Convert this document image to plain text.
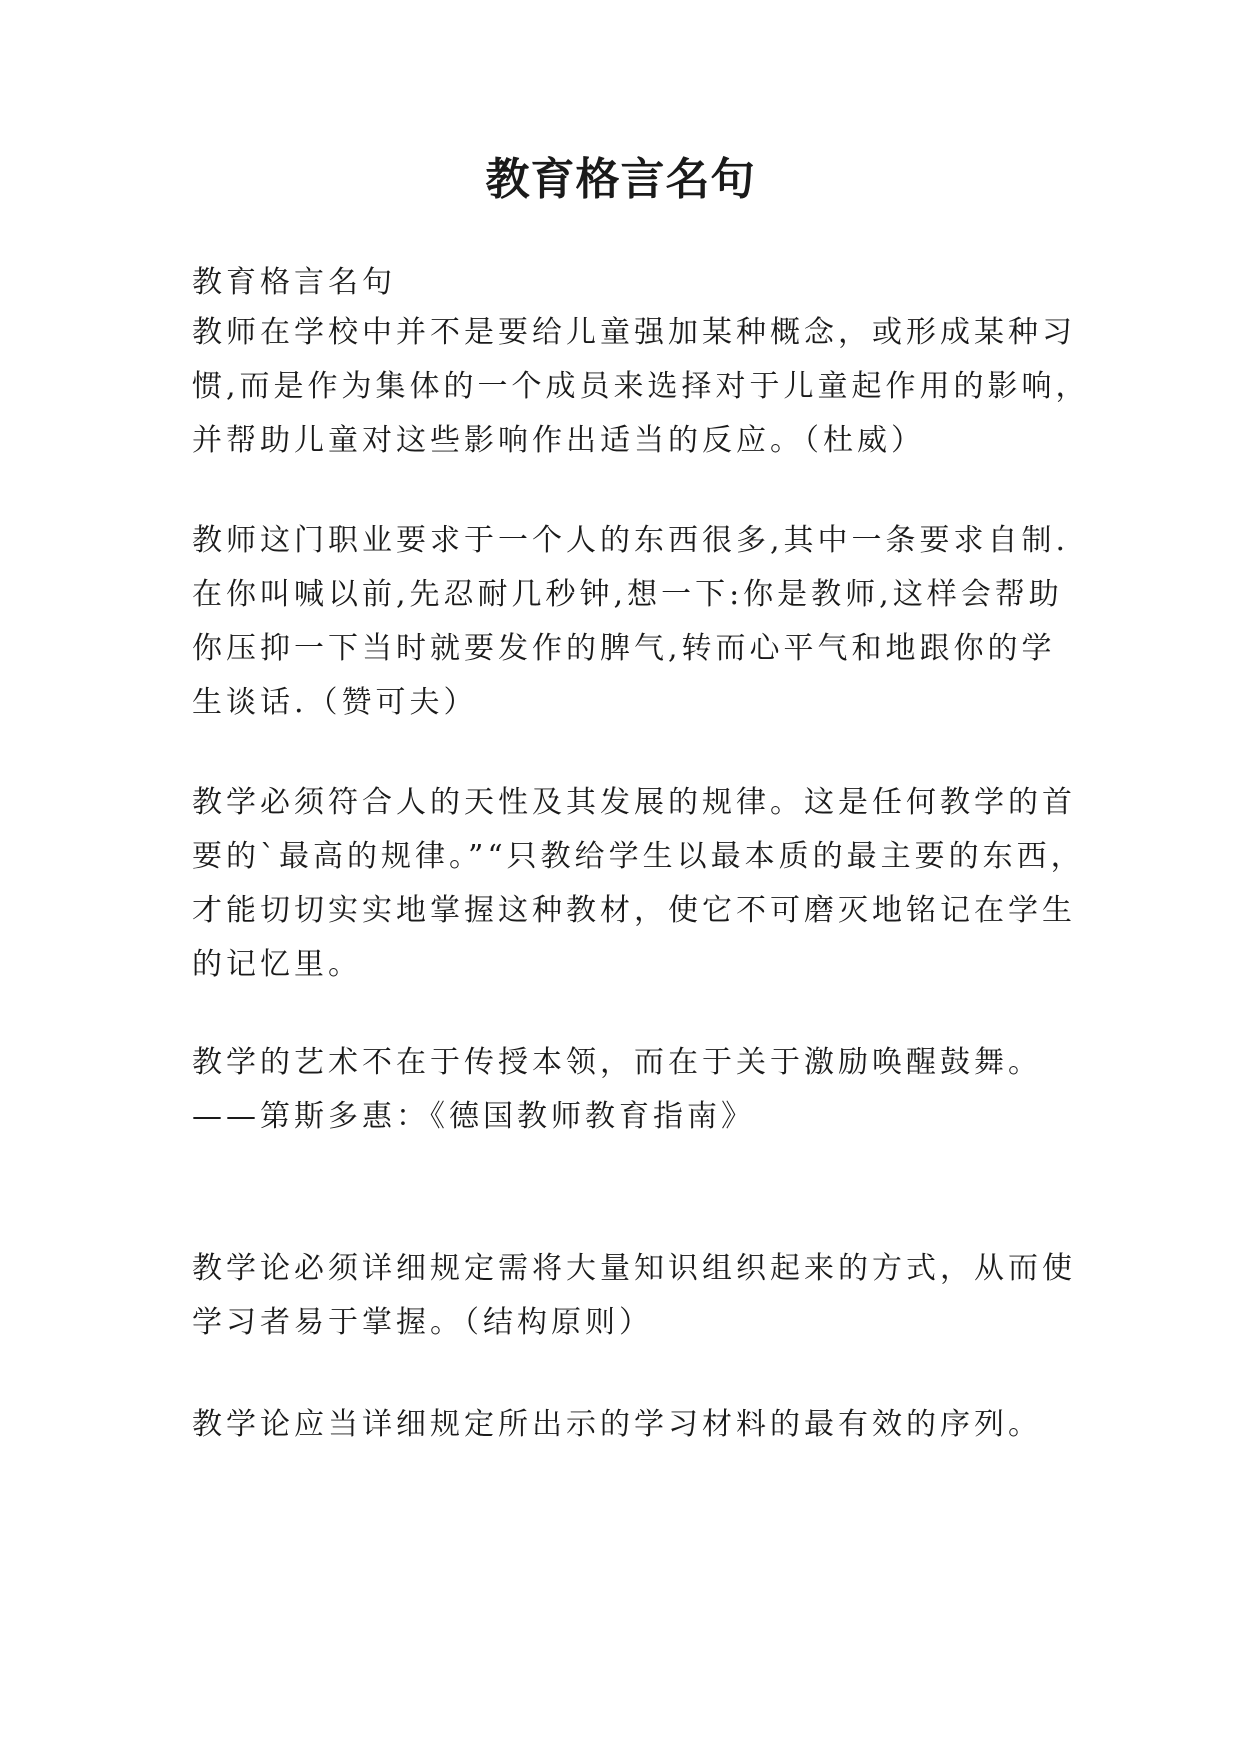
教育格言名句
教育格言名句
教师在学校中并不是要给儿童强加某种概念，或形成某种习
惯,而是作为集体的一个成员来选择对于儿童起作用的影响，
并帮助儿童对这些影响作出适当的反应。（杜威）
教师这门职业要求于一个人的东西很多,其中一条要求自制.
在你叫喊以前,先忍耐几秒钟,想一下:你是教师,这样会帮助
你压抑一下当时就要发作的脾气,转而心平气和地跟你的学
生谈话.（赞可夫）
教学必须符合人的天性及其发展的规律。这是任何教学的首
要的`最高的规律。”“只教给学生以最本质的最主要的东西，
才能切切实实地掌握这种教材，使它不可磨灭地铭记在学生
的记忆里。
教学的艺术不在于传授本领，而在于关于激励唤醒鼓舞。
——第斯多惠：《德国教师教育指南》
教学论必须详细规定需将大量知识组织起来的方式，从而使
学习者易于掌握。（结构原则）
教学论应当详细规定所出示的学习材料的最有效的序列。
